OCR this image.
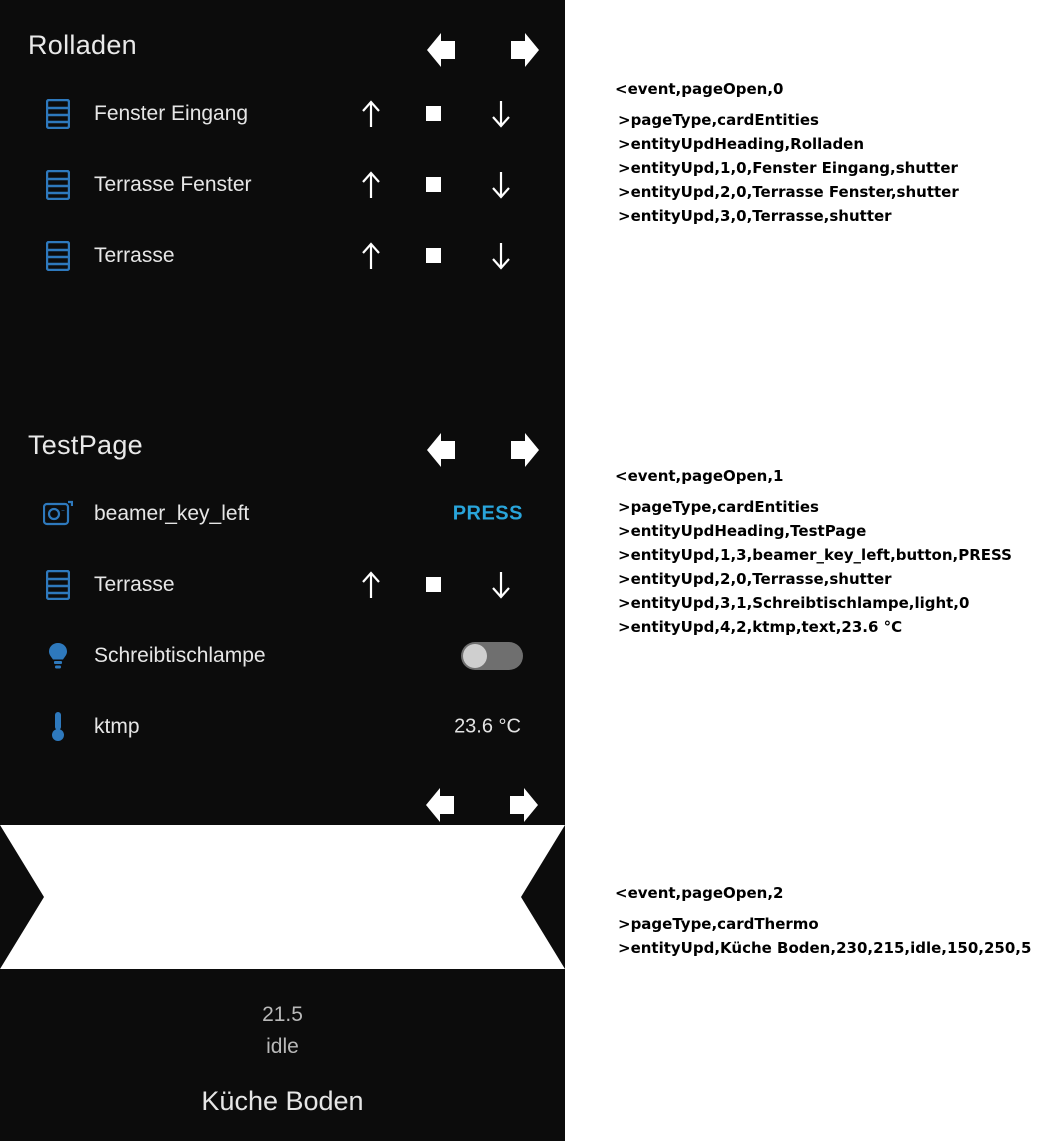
Rolladen
Fenster Eingang
Terrasse Fenster
Terrasse
TestPage
beamer_key_left	PRESS
Terrasse
Schreibtischlampe
ktmp	23.6 °C
23.0 $^{^\circ C}$
21.5
idle
Küche Boden
<event,pageOpen,0
>pageType,cardEntities
>entityUpdHeading,Rolladen
>entityUpd,1,0,Fenster Eingang,shutter
>entityUpd,2,0,Terrasse Fenster,shutter
>entityUpd,3,0,Terrasse,shutter
<event,pageOpen,1
>pageType,cardEntities
>entityUpdHeading,TestPage
>entityUpd,1,3,beamer_key_left,button,PRESS
>entityUpd,2,0,Terrasse,shutter
>entityUpd,3,1,Schreibtischlampe,light,0
>entityUpd,4,2,ktmp,text,23.6 °C
<event,pageOpen,2
>pageType,cardThermo
>entityUpd,Küche Boden,230,215,idle,150,250,5
